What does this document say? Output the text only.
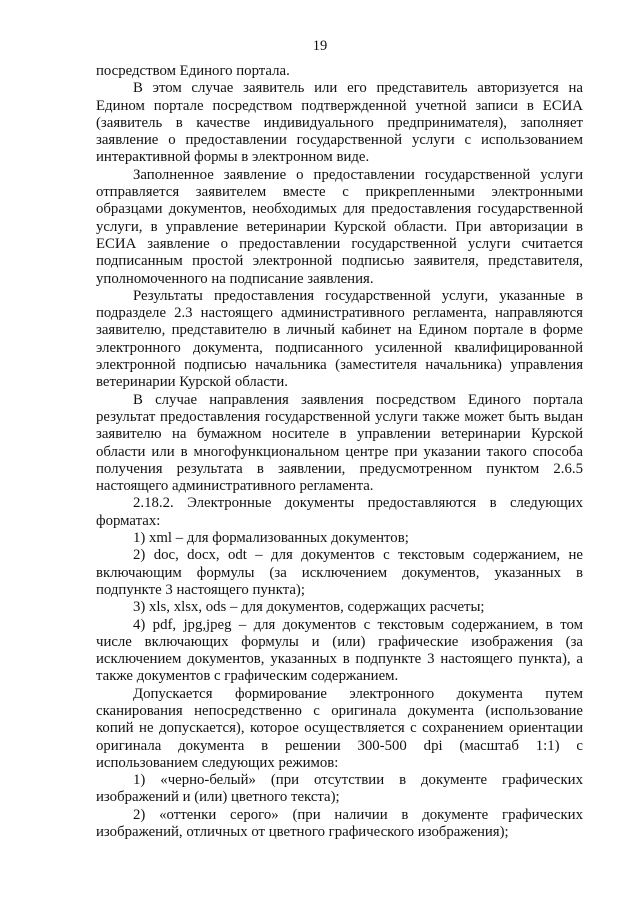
19

посредством Единого портала.

В этом случае заявитель или его представитель авторизуется на Едином портале посредством подтвержденной учетной записи в ЕСИА (заявитель в качестве индивидуального предпринимателя), заполняет заявление о предоставлении государственной услуги с использованием интерактивной формы в электронном виде.

Заполненное заявление о предоставлении государственной услуги отправляется заявителем вместе с прикрепленными электронными образцами документов, необходимых для предоставления государственной услуги, в управление ветеринарии Курской области. При авторизации в ЕСИА заявление о предоставлении государственной услуги считается подписанным простой электронной подписью заявителя, представителя, уполномоченного на подписание заявления.

Результаты предоставления государственной услуги, указанные в подразделе 2.3 настоящего административного регламента, направляются заявителю, представителю в личный кабинет на Едином портале в форме электронного документа, подписанного усиленной квалифицированной электронной подписью начальника (заместителя начальника) управления ветеринарии Курской области.

В случае направления заявления посредством Единого портала результат предоставления государственной услуги также может быть выдан заявителю на бумажном носителе в управлении ветеринарии Курской области или в многофункциональном центре при указании такого способа получения результата в заявлении, предусмотренном пунктом 2.6.5 настоящего административного регламента.

2.18.2. Электронные документы предоставляются в следующих форматах:

1) xml – для формализованных документов;

2) doc, docx, odt – для документов с текстовым содержанием, не включающим формулы (за исключением документов, указанных в подпункте 3 настоящего пункта);

3) xls, xlsx, ods – для документов, содержащих расчеты;

4) pdf, jpg,jpeg – для документов с текстовым содержанием, в том числе включающих формулы и (или) графические изображения (за исключением документов, указанных в подпункте 3 настоящего пункта), а также документов с графическим содержанием.

Допускается формирование электронного документа путем сканирования непосредственно с оригинала документа (использование копий не допускается), которое осуществляется с сохранением ориентации оригинала документа в решении 300-500 dpi (масштаб 1:1) с использованием следующих режимов:

1) «черно-белый» (при отсутствии в документе графических изображений и (или) цветного текста);

2) «оттенки серого» (при наличии в документе графических изображений, отличных от цветного графического изображения);
